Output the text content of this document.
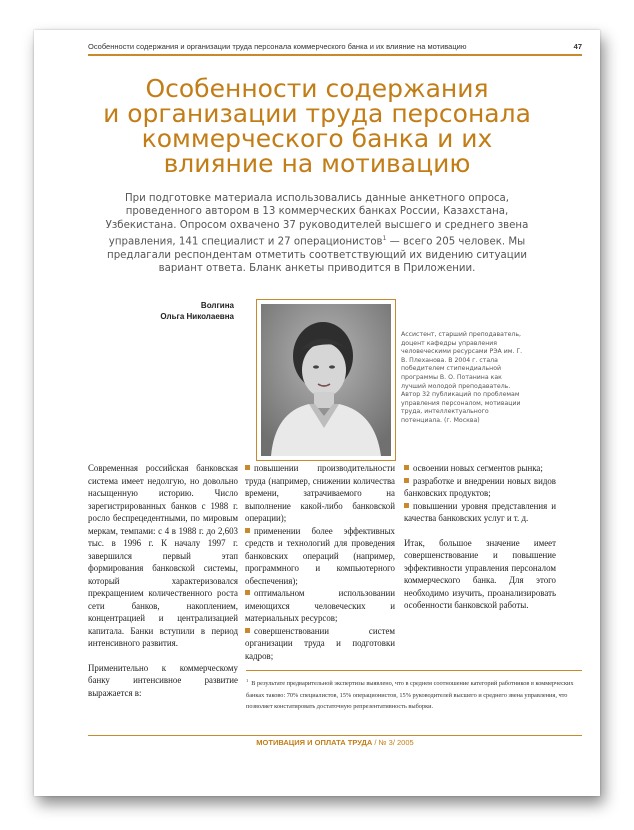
Особенности содержания и организации труда персонала коммерческого банка и их влияние на мотивацию	47
Особенности содержания
и организации труда персонала
коммерческого банка и их
влияние на мотивацию
При подготовке материала использовались данные анкетного опроса, проведенного автором в 13 коммерческих банках России, Казахстана, Узбекистана. Опросом охвачено 37 руководителей высшего и среднего звена управления, 141 специалист и 27 операционистов$^1$ — всего 205 человек. Мы предлагали респондентам отметить соответствующий их видению ситуации вариант ответа. Бланк анкеты приводится в Приложении.
Волгина
Ольга Николаевна
Ассистент, старший преподаватель, доцент кафедры управления человеческими ресурсами РЭА им. Г. В. Плеханова. В 2004 г. стала победителем стипендиальной программы В. О. Потанина как лучший молодой преподаватель. Автор 32 публикаций по проблемам управления персоналом, мотивации труда, интеллектуального потенциала. (г. Москва)

Современная российская банковская система имеет недолгую, но довольно насыщенную историю. Число зарегистрированных банков с 1988 г. росло беспрецедентными, по мировым меркам, темпами: с 4 в 1988 г. до 2,603 тыс. в 1996 г. К началу 1997 г. завершился первый этап формирования банковской системы, который характеризовался прекращением количественного роста сети банков, накоплением, концентрацией и централизацией капитала. Банки вступили в период интенсивного развития.

Применительно к коммерческому банку интенсивное развитие выражается в:

повышении производительности труда (например, снижении количества времени, затрачиваемого на выполнение какой-либо банковской операции);

применении более эффективных средств и технологий для проведения банковских операций (например, программного и компьютерного обеспечения);

оптимальном использовании имеющихся человеческих и материальных ресурсов;

совершенствовании систем организации труда и подготовки кадров;

освоении новых сегментов рынка;

разработке и внедрении новых видов банковских продуктов;

повышении уровня представления и качества банковских услуг и т. д.

Итак, большое значение имеет совершенствование и повышение эффективности управления персоналом коммерческого банка. Для этого необходимо изучить, проанализировать особенности банковской работы.

$^1$ В результате предварительной экспертизы выявлено, что в среднем соотношение категорий работников в коммерческих банках таково: 70% специалистов, 15% операционистов, 15% руководителей высшего и среднего звена управления, что позволяет констатировать достаточную репрезентативность выборки.
МОТИВАЦИЯ И ОПЛАТА ТРУДА / № 3/ 2005
